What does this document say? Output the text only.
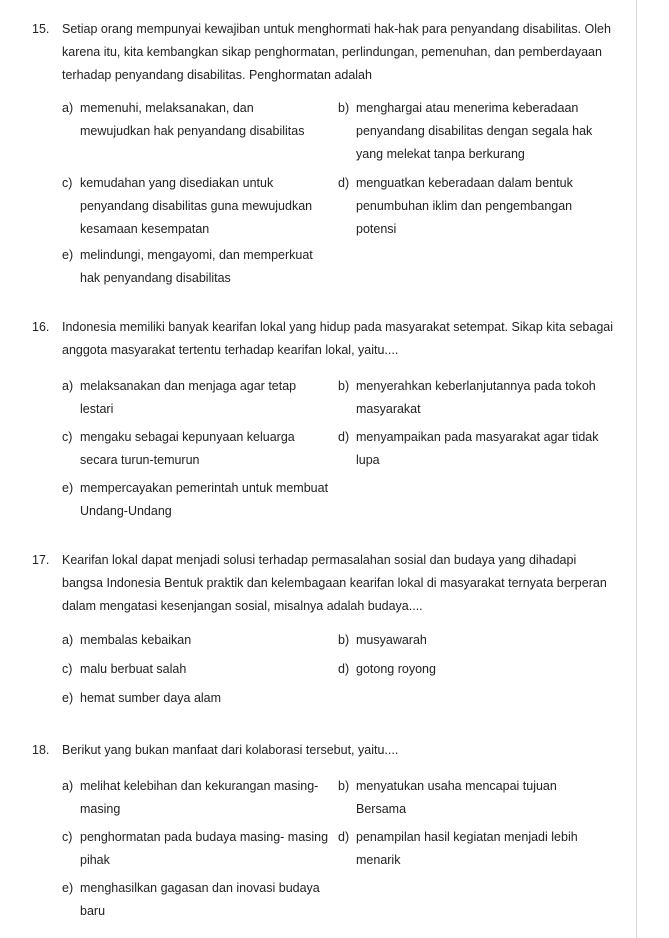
15.	Setiap orang mempunyai kewajiban untuk menghormati hak-hak para penyandang disabilitas. Oleh karena itu, kita kembangkan sikap penghormatan, perlindungan, pemenuhan, dan pemberdayaan terhadap penyandang disabilitas. Penghormatan adalah
a) memenuhi, melaksanakan, dan mewujudkan hak penyandang disabilitas
b) menghargai atau menerima keberadaan penyandang disabilitas dengan segala hak yang melekat tanpa berkurang
c) kemudahan yang disediakan untuk penyandang disabilitas guna mewujudkan kesamaan kesempatan
d) menguatkan keberadaan dalam bentuk penumbuhan iklim dan pengembangan potensi
e) melindungi, mengayomi, dan memperkuat hak penyandang disabilitas
16.	Indonesia memiliki banyak kearifan lokal yang hidup pada masyarakat setempat. Sikap kita sebagai anggota masyarakat tertentu terhadap kearifan lokal, yaitu....
a) melaksanakan dan menjaga agar tetap lestari
b) menyerahkan keberlanjutannya pada tokoh masyarakat
c) mengaku sebagai kepunyaan keluarga secara turun-temurun
d) menyampaikan pada masyarakat agar tidak lupa
e) mempercayakan pemerintah untuk membuat Undang-Undang
17.	Kearifan lokal dapat menjadi solusi terhadap permasalahan sosial dan budaya yang dihadapi bangsa Indonesia Bentuk praktik dan kelembagaan kearifan lokal di masyarakat ternyata berperan dalam mengatasi kesenjangan sosial, misalnya adalah budaya....
a) membalas kebaikan	b) musyawarah
c) malu berbuat salah	d) gotong royong
e) hemat sumber daya alam
18.	Berikut yang bukan manfaat dari kolaborasi tersebut, yaitu....
a) melihat kelebihan dan kekurangan masing-masing
b) menyatukan usaha mencapai tujuan Bersama
c) penghormatan pada budaya masing- masing pihak
d) penampilan hasil kegiatan menjadi lebih menarik
e) menghasilkan gagasan dan inovasi budaya baru
